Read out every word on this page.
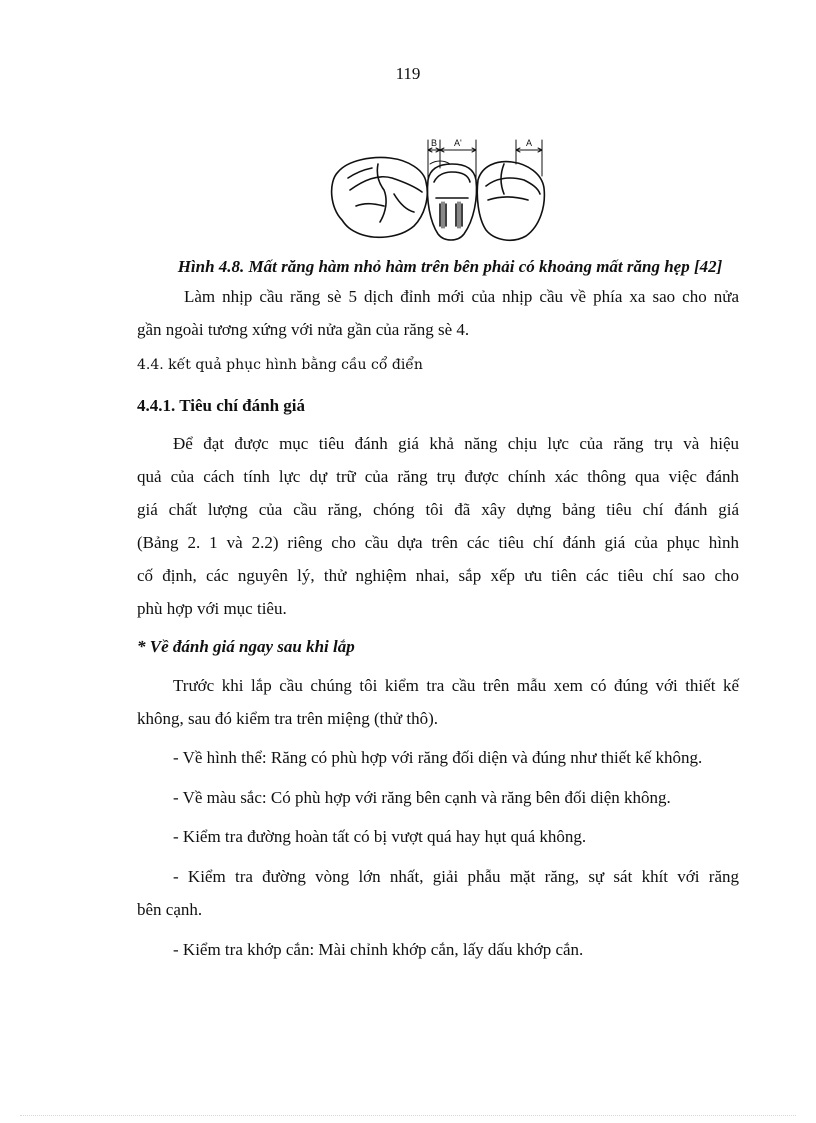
119
B A'	A
Hình 4.8. Mất răng hàm nhỏ hàm trên bên phải có khoảng mất răng hẹp [42]
Làm nhịp cầu răng sè 5 dịch đỉnh mới của nhịp cầu về phía xa sao cho nửa
gần ngoài tương xứng với nửa gần của răng sè 4.
4.4. kết quả phục hình bằng cầu cổ điển
4.4.1. Tiêu chí đánh giá
Để đạt được mục tiêu đánh giá khả năng chịu lực của răng trụ và hiệu
quả của cách tính lực dự trữ của răng trụ được chính xác thông qua việc đánh
giá chất lượng của cầu răng, chóng tôi đã xây dựng bảng tiêu chí đánh giá
(Bảng 2. 1 và 2.2) riêng cho cầu dựa trên các tiêu chí đánh giá của phục hình
cố định, các nguyên lý, thử nghiệm nhai, sắp xếp ưu tiên các tiêu chí sao cho
phù hợp với mục tiêu.
* Về đánh giá ngay sau khi lắp
Trước khi lắp cầu chúng tôi kiểm tra cầu trên mẫu xem có đúng với thiết kế
không, sau đó kiểm tra trên miệng (thử thô).
- Về hình thể: Răng có phù hợp với răng đối diện và đúng như thiết kế không.
- Về màu sắc: Có phù hợp với răng bên cạnh và răng bên đối diện không.
- Kiểm tra đường hoàn tất có bị vượt quá hay hụt quá không.
- Kiểm tra đường vòng lớn nhất, giải phẫu mặt răng, sự sát khít với răng
bên cạnh.
- Kiểm tra khớp cắn: Mài chỉnh khớp cắn, lấy dấu khớp cắn.
